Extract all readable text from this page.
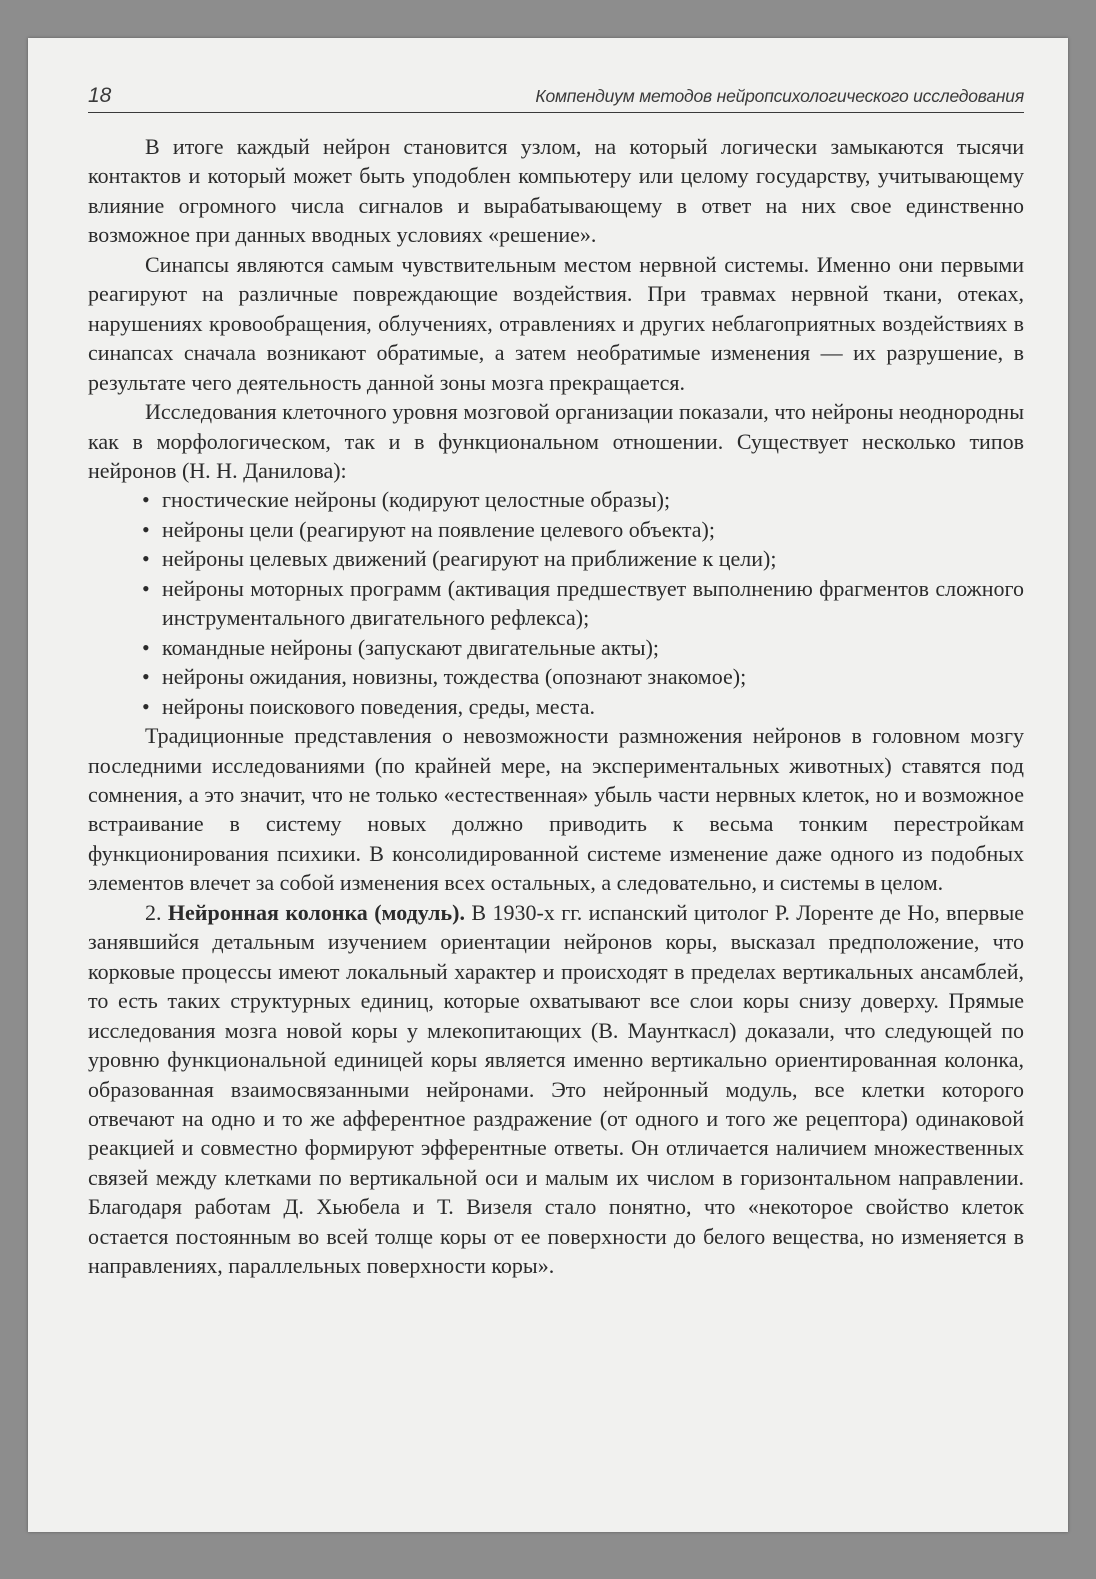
18	Компендиум методов нейропсихологического исследования

В итоге каждый нейрон становится узлом, на который логически замыкаются тысячи контактов и который может быть уподоблен компьютеру или целому государству, учитывающему влияние огромного числа сигналов и вырабатывающему в ответ на них свое единственно возможное при данных вводных условиях «решение».

Синапсы являются самым чувствительным местом нервной системы. Именно они первыми реагируют на различные повреждающие воздействия. При травмах нервной ткани, отеках, нарушениях кровообращения, облучениях, отравлениях и других неблагоприятных воздействиях в синапсах сначала возникают обратимые, а затем необратимые изменения — их разрушение, в результате чего деятельность данной зоны мозга прекращается.

Исследования клеточного уровня мозговой организации показали, что нейроны неоднородны как в морфологическом, так и в функциональном отношении. Существует несколько типов нейронов (Н. Н. Данилова):

• гностические нейроны (кодируют целостные образы);
• нейроны цели (реагируют на появление целевого объекта);
• нейроны целевых движений (реагируют на приближение к цели);
• нейроны моторных программ (активация предшествует выполнению фрагментов сложного инструментального двигательного рефлекса);
• командные нейроны (запускают двигательные акты);
• нейроны ожидания, новизны, тождества (опознают знакомое);
• нейроны поискового поведения, среды, места.

Традиционные представления о невозможности размножения нейронов в головном мозгу последними исследованиями (по крайней мере, на экспериментальных животных) ставятся под сомнения, а это значит, что не только «естественная» убыль части нервных клеток, но и возможное встраивание в систему новых должно приводить к весьма тонким перестройкам функционирования психики. В консолидированной системе изменение даже одного из подобных элементов влечет за собой изменения всех остальных, а следовательно, и системы в целом.

2. Нейронная колонка (модуль). В 1930-х гг. испанский цитолог Р. Лоренте де Но, впервые занявшийся детальным изучением ориентации нейронов коры, высказал предположение, что корковые процессы имеют локальный характер и происходят в пределах вертикальных ансамблей, то есть таких структурных единиц, которые охватывают все слои коры снизу доверху. Прямые исследования мозга новой коры у млекопитающих (В. Маунткасл) доказали, что следующей по уровню функциональной единицей коры является именно вертикально ориентированная колонка, образованная взаимосвязанными нейронами. Это нейронный модуль, все клетки которого отвечают на одно и то же афферентное раздражение (от одного и того же рецептора) одинаковой реакцией и совместно формируют эфферентные ответы. Он отличается наличием множественных связей между клетками по вертикальной оси и малым их числом в горизонтальном направлении. Благодаря работам Д. Хьюбела и Т. Визеля стало понятно, что «некоторое свойство клеток остается постоянным во всей толще коры от ее поверхности до белого вещества, но изменяется в направлениях, параллельных поверхности коры».
